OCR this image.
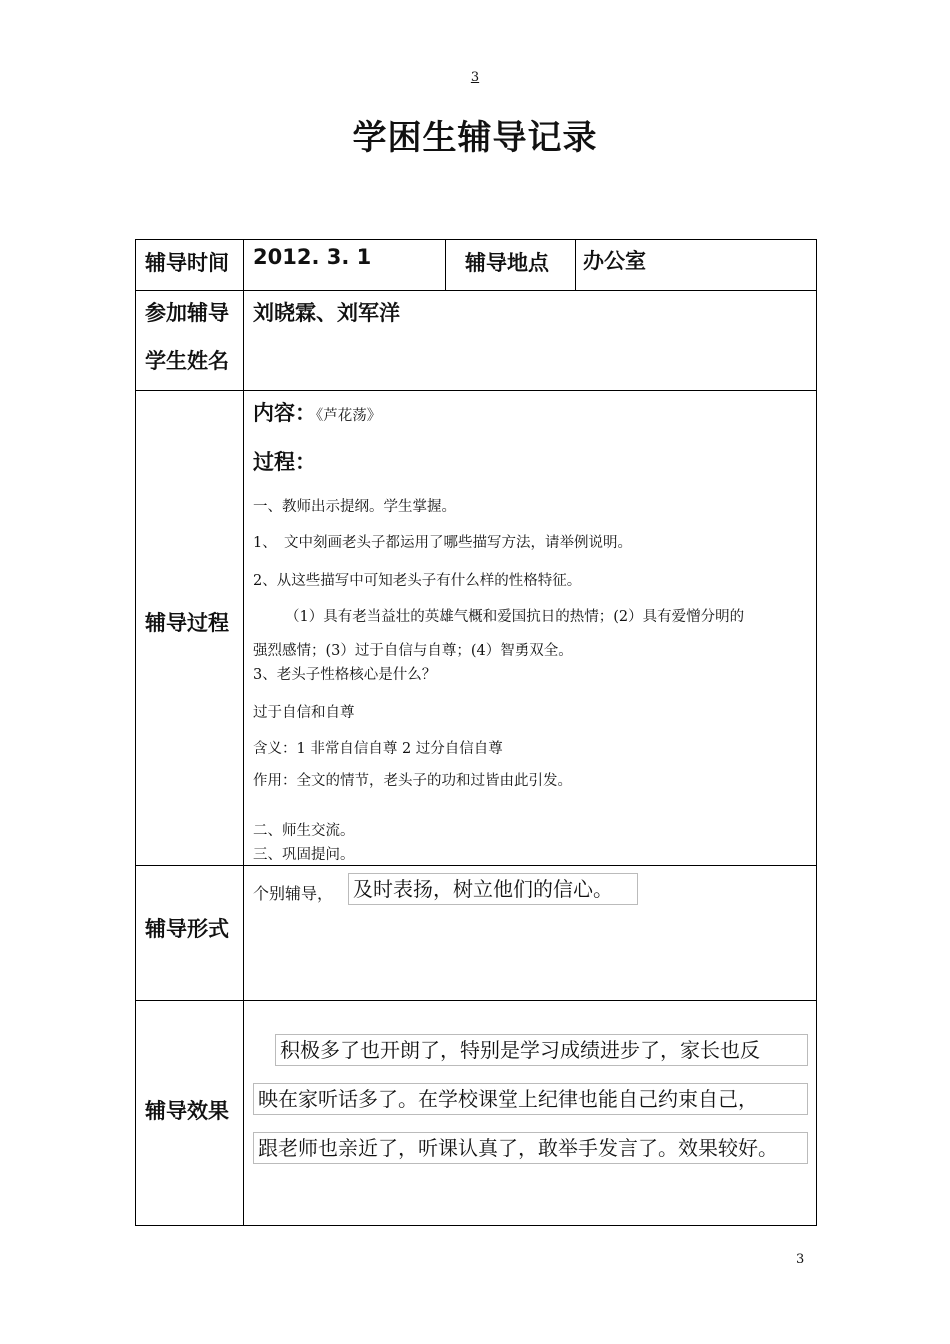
3
学困生辅导记录
辅导时间 2012. 3. 1	辅导地点 办公室
参加辅导
学生姓名
刘晓霖、刘军洋
辅导过程
内容：《芦花荡》
过程：
一、教师出示提纲。学生掌握。
1、　文中刻画老头子都运用了哪些描写方法，请举例说明。
2、从这些描写中可知老头子有什么样的性格特征。
（1）具有老当益壮的英雄气概和爱国抗日的热情；(2）具有爱憎分明的
强烈感情；(3）过于自信与自尊；(4）智勇双全。
3、老头子性格核心是什么？
过于自信和自尊
含义：1 非常自信自尊 2 过分自信自尊
作用：全文的情节，老头子的功和过皆由此引发。
二、师生交流。
三、巩固提问。
辅导形式
个别辅导， 及时表扬，树立他们的信心。
辅导效果
积极多了也开朗了，特别是学习成绩进步了，家长也反
映在家听话多了。在学校课堂上纪律也能自己约束自己，
跟老师也亲近了，听课认真了，敢举手发言了。效果较好。
3
